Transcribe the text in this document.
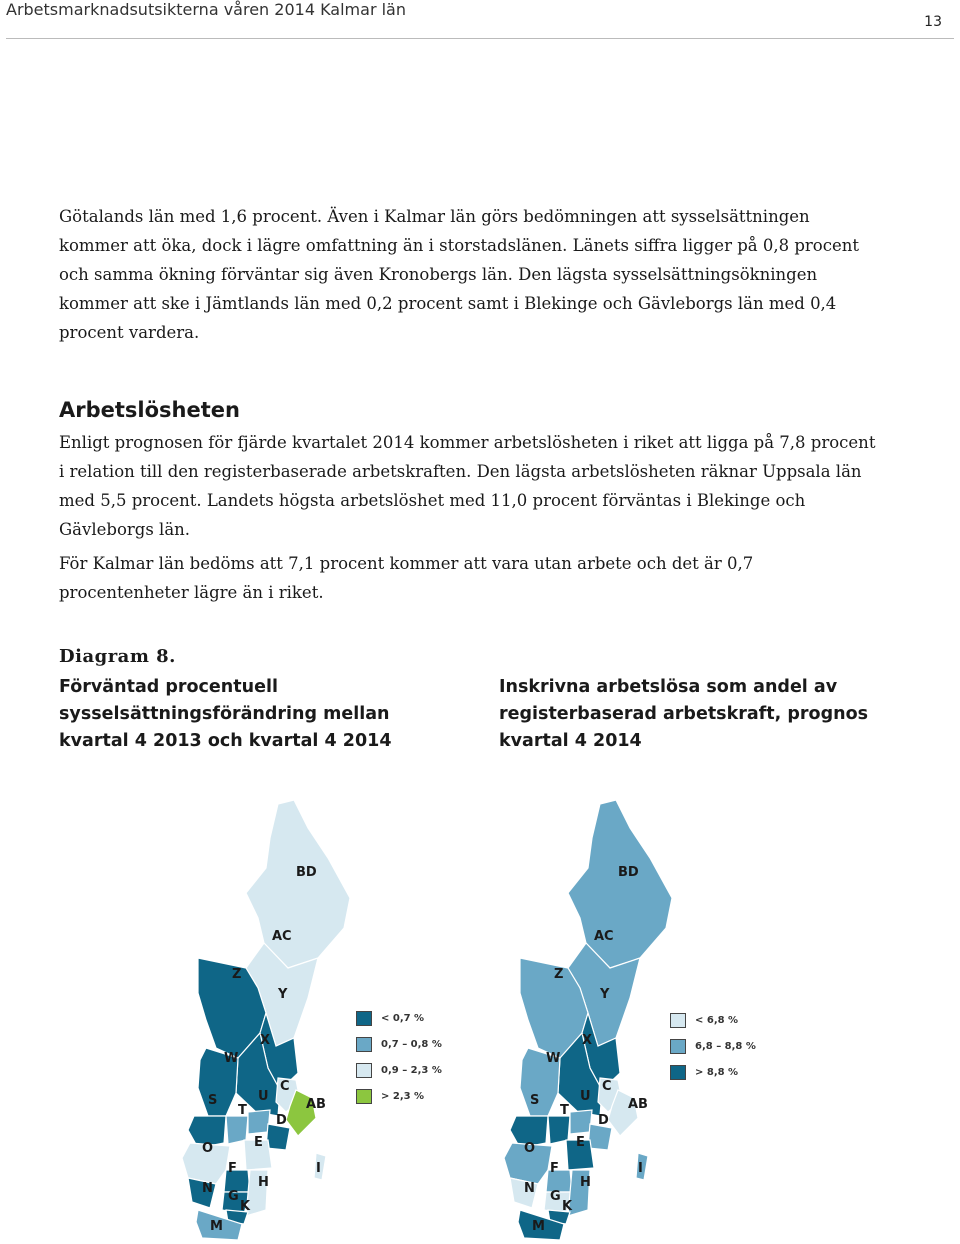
Arbetsmarknadsutsikterna våren 2014 Kalmar län
13

Götalands län med 1,6 procent. Även i Kalmar län görs bedömningen att sysselsättningen kommer att öka, dock i lägre omfattning än i storstadslänen. Länets siffra ligger på 0,8 procent och samma ökning förväntar sig även Kronobergs län. Den lägsta sysselsättningsökningen kommer att ske i Jämtlands län med 0,2 procent samt i Blekinge och Gävleborgs län med 0,4 procent vardera.

Arbetslösheten

Enligt prognosen för fjärde kvartalet 2014 kommer arbetslösheten i riket att ligga på 7,8 procent i relation till den registerbaserade arbetskraften. Den lägsta arbetslösheten räknar Uppsala län med 5,5 procent. Landets högsta arbetslöshet med 11,0 procent förväntas i Blekinge och Gävleborgs län.

För Kalmar län bedöms att 7,1 procent kommer att vara utan arbete och det är 0,7 procentenheter lägre än i riket.

Diagram 8.

Förväntad procentuell sysselsättningsförändring mellan kvartal 4 2013 och kvartal 4 2014

Inskrivna arbetslösa som andel av registerbaserad arbetskraft, prognos kvartal 4 2014

BD
AC
Z
Y
X
W
C
AB
S
T
U
D
E
O
F
N
G
H
K
M
I
< 0,7 %
0,7 – 0,8 %
0,9 – 2,3 %
> 2,3 %
BD
AC
Z
Y
X
W
C
AB
S
T
U
D
E
O
F
N
G
H
K
M
I
< 6,8 %
6,8 – 8,8 %
> 8,8 %
